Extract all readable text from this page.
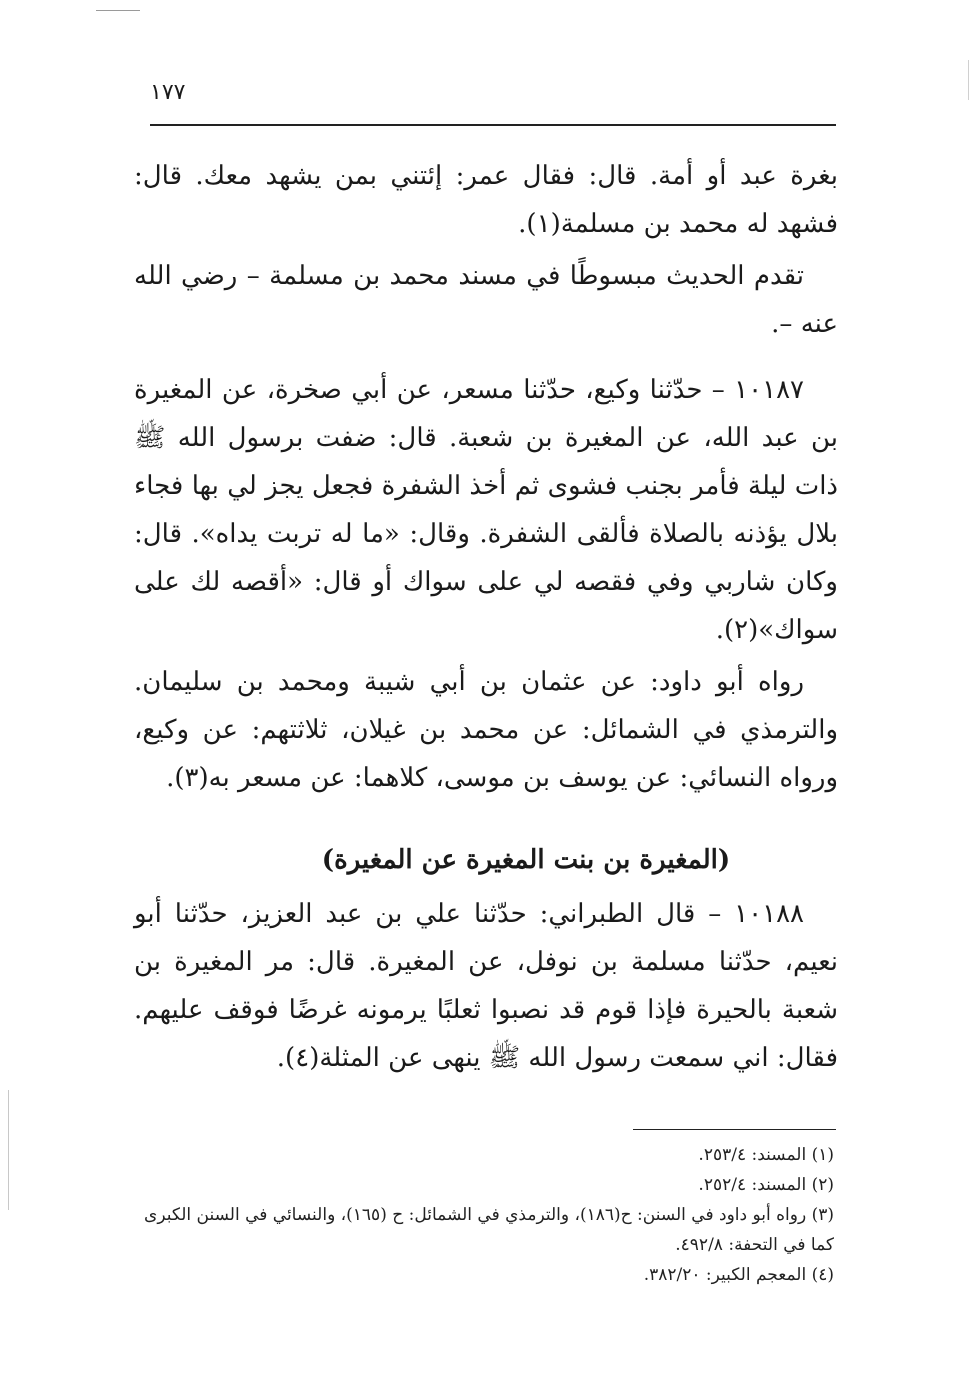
١٧٧

بغرة عبد أو أمة. قال: فقال عمر: إئتني بمن يشهد معك. قال: فشهد له محمد بن مسلمة(١).

تقدم الحديث مبسوطًا في مسند محمد بن مسلمة – رضي الله عنه –.

١٠١٨٧ – حدّثنا وكيع، حدّثنا مسعر، عن أبي صخرة، عن المغيرة بن عبد الله، عن المغيرة بن شعبة. قال: ضفت برسول الله ﷺ ذات ليلة فأمر بجنب فشوى ثم أخذ الشفرة فجعل يجز لي بها فجاء بلال يؤذنه بالصلاة فألقى الشفرة. وقال: «ما له تربت يداه». قال: وكان شاربي وفي فقصه لي على سواك أو قال: «أقصه لك على سواك»(٢).

رواه أبو داود: عن عثمان بن أبي شيبة ومحمد بن سليمان. والترمذي في الشمائل: عن محمد بن غيلان، ثلاثتهم: عن وكيع، ورواه النسائي: عن يوسف بن موسى، كلاهما: عن مسعر به(٣).

(المغيرة بن بنت المغيرة عن المغيرة)

١٠١٨٨ – قال الطبراني: حدّثنا علي بن عبد العزيز، حدّثنا أبو نعيم، حدّثنا مسلمة بن نوفل، عن المغيرة. قال: مر المغيرة بن شعبة بالحيرة فإذا قوم قد نصبوا ثعلبًا يرمونه غرضًا فوقف عليهم. فقال: اني سمعت رسول الله ﷺ ينهى عن المثلة(٤).

(١) المسند: ٢٥٣/٤.

(٢) المسند: ٢٥٢/٤.

(٣) رواه أبو داود في السنن: ح(١٨٦)، والترمذي في الشمائل: ح (١٦٥)، والنسائي في السنن الكبرى كما في التحفة: ٤٩٢/٨.

(٤) المعجم الكبير: ٣٨٢/٢٠.
